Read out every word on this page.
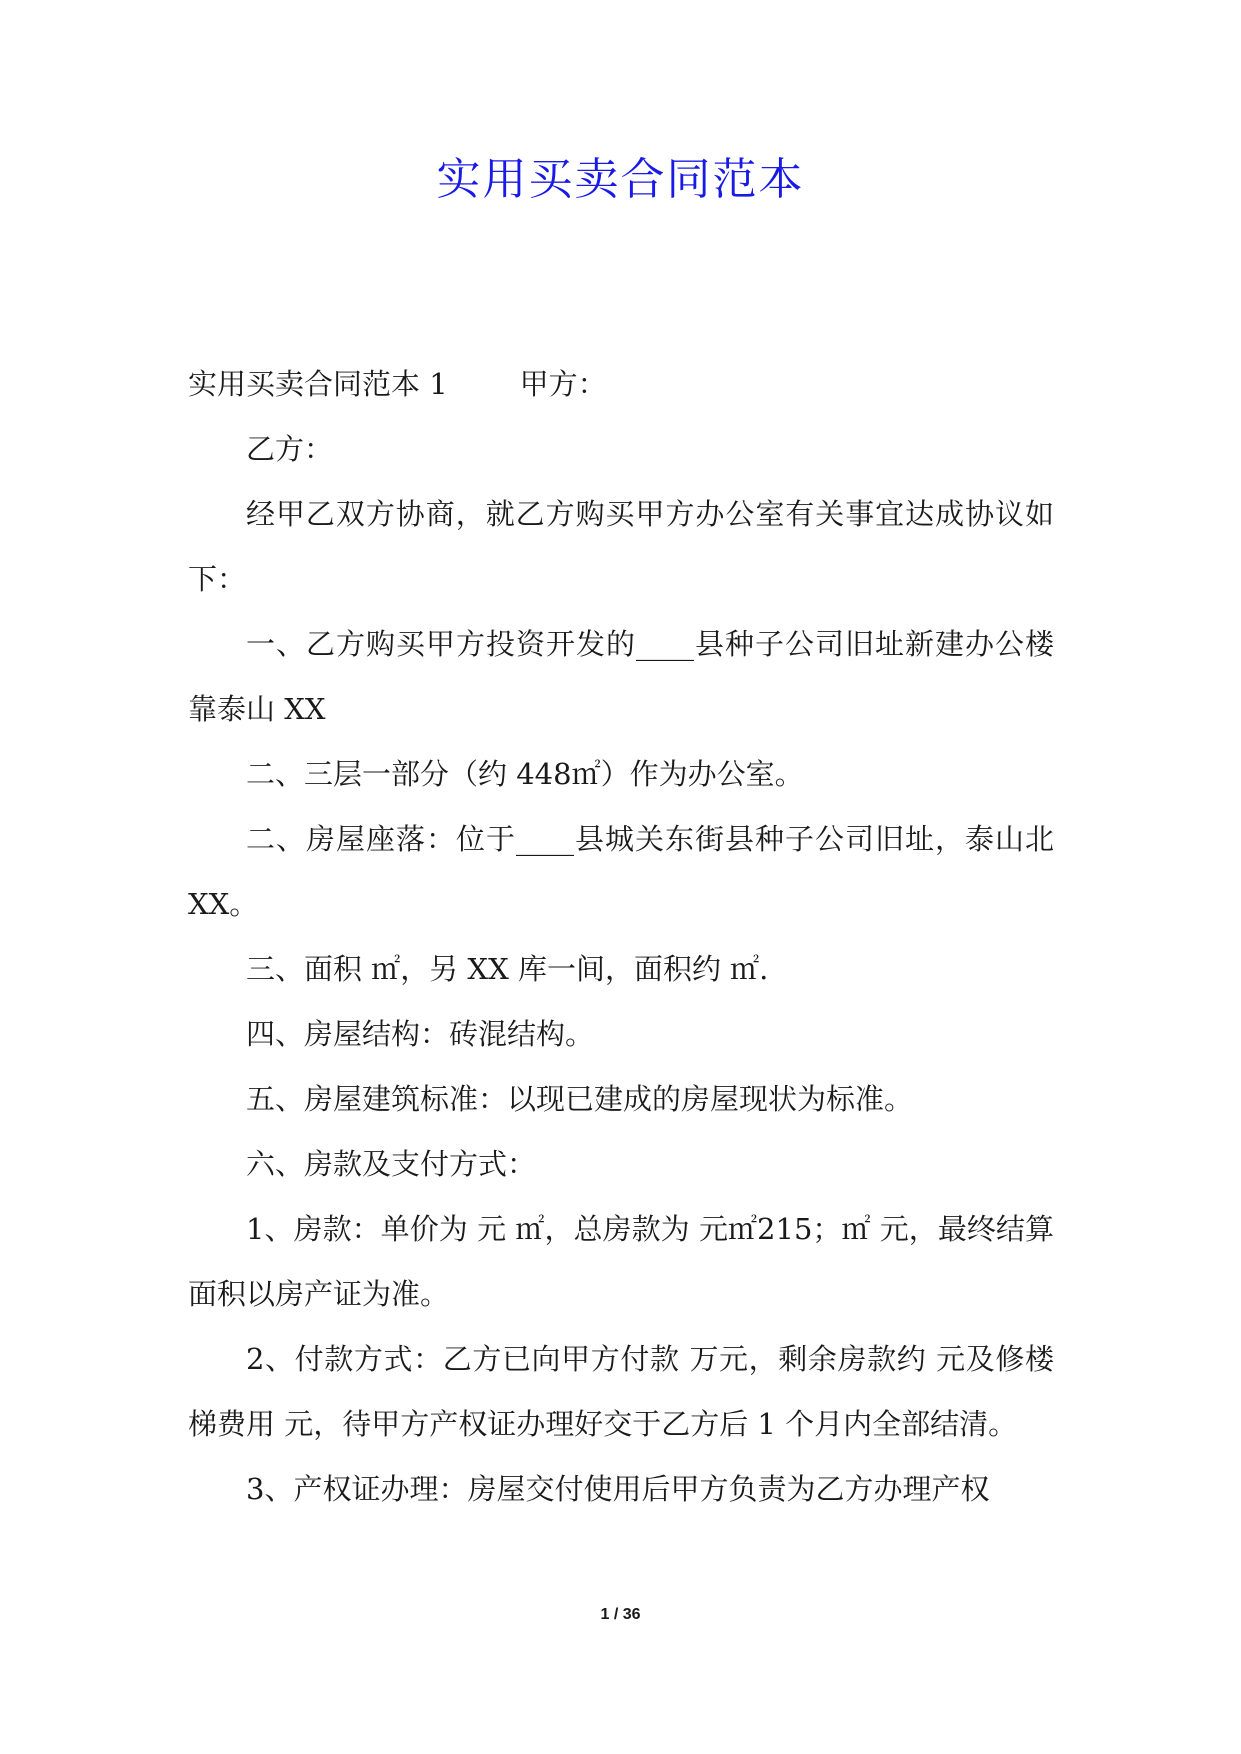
实用买卖合同范本
实用买卖合同范本 1 甲方：

乙方：

经甲乙双方协商，就乙方购买甲方办公室有关事宜达成协议如下：

一、乙方购买甲方投资开发的____县种子公司旧址新建办公楼靠泰山 XX

二、三层一部分（约 448㎡）作为办公室。

二、房屋座落：位于____县城关东街县种子公司旧址，泰山北 XX。

三、面积 ㎡，另 XX 库一间，面积约 ㎡.

四、房屋结构：砖混结构。

五、房屋建筑标准：以现已建成的房屋现状为标准。

六、房款及支付方式：

1、房款：单价为 元 ㎡，总房款为 元㎡215；㎡ 元，最终结算面积以房产证为准。

2、付款方式：乙方已向甲方付款 万元，剩余房款约 元及修楼梯费用 元，待甲方产权证办理好交于乙方后 1 个月内全部结清。

3、产权证办理：房屋交付使用后甲方负责为乙方办理产权

1 / 36
